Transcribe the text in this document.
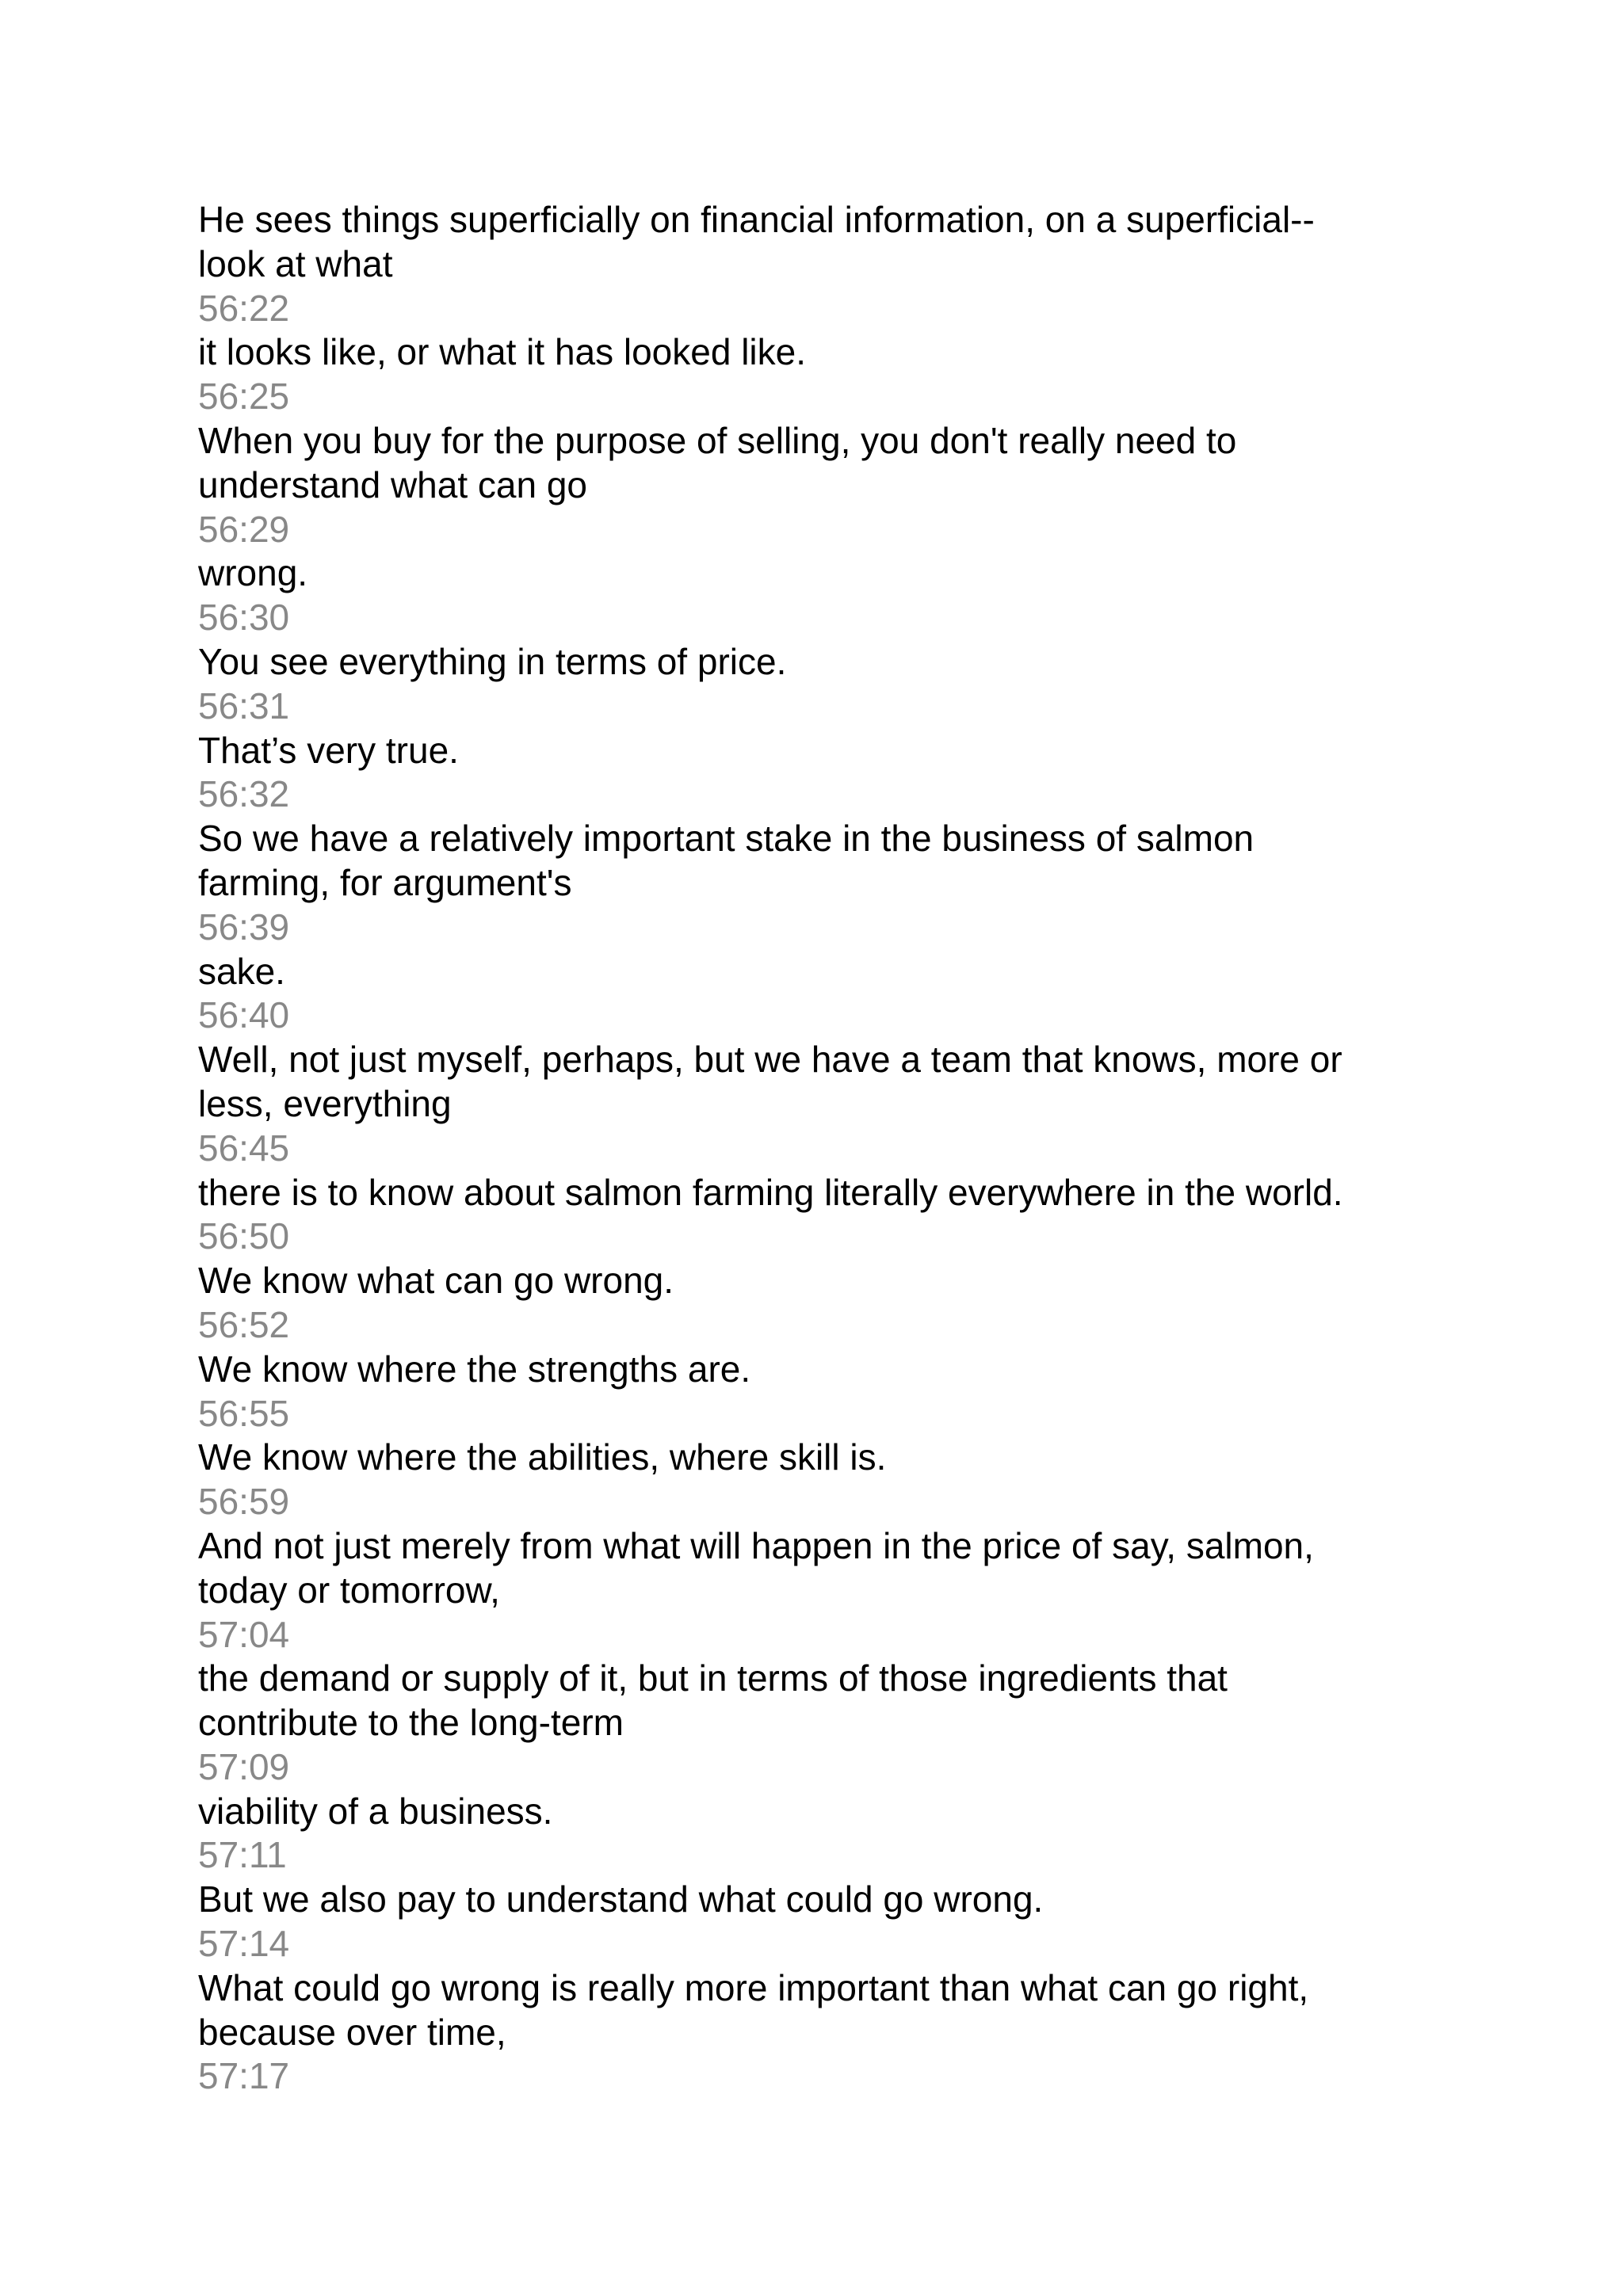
He sees things superficially on financial information, on a superficial--

look at what

56:22

it looks like, or what it has looked like.

56:25

When you buy for the purpose of selling, you don't really need to

understand what can go

56:29

wrong.

56:30

You see everything in terms of price.

56:31

That’s very true.

56:32

So we have a relatively important stake in the business of salmon

farming, for argument's

56:39

sake.

56:40

Well, not just myself, perhaps, but we have a team that knows, more or

less, everything

56:45

there is to know about salmon farming literally everywhere in the world.

56:50

We know what can go wrong.

56:52

We know where the strengths are.

56:55

We know where the abilities, where skill is.

56:59

And not just merely from what will happen in the price of say, salmon,

today or tomorrow,

57:04

the demand or supply of it, but in terms of those ingredients that

contribute to the long-term

57:09

viability of a business.

57:11

But we also pay to understand what could go wrong.

57:14

What could go wrong is really more important than what can go right,

because over time,

57:17
